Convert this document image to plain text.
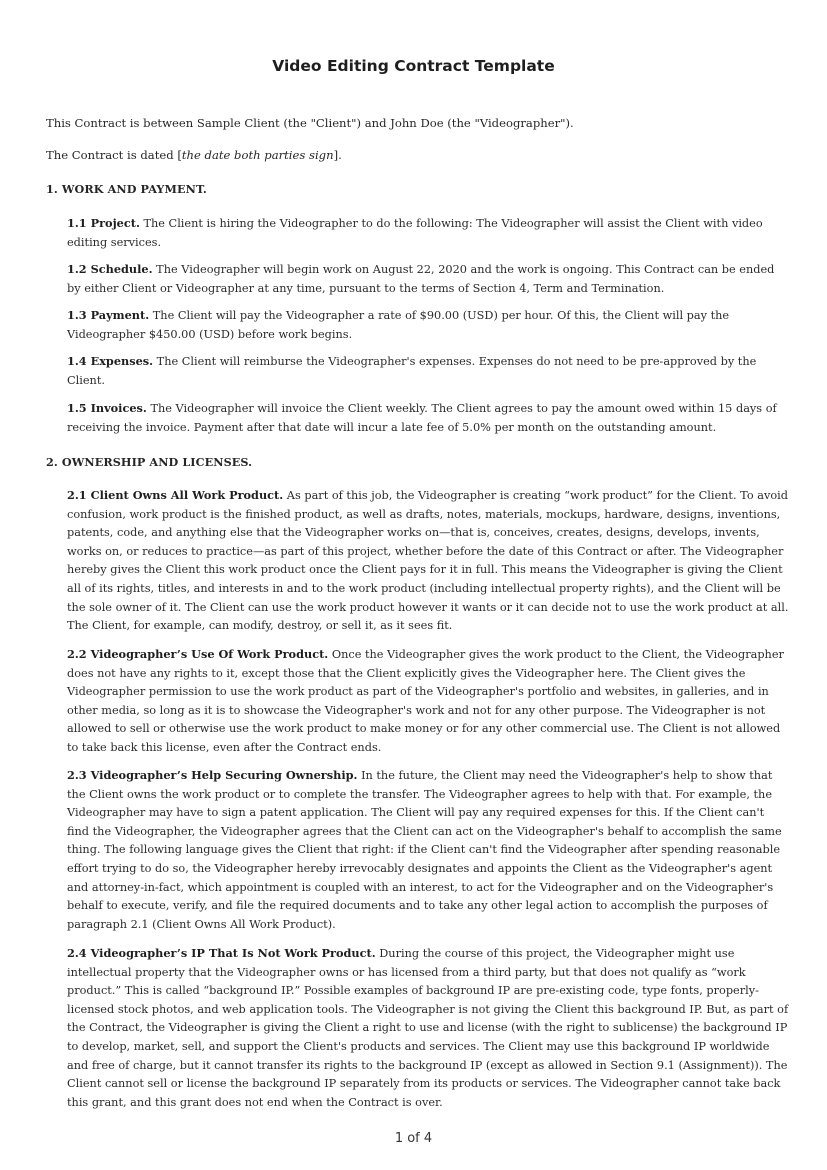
Video Editing Contract Template
This Contract is between Sample Client (the "Client") and John Doe (the "Videographer").
The Contract is dated [the date both parties sign].
1. WORK AND PAYMENT.
1.1 Project. The Client is hiring the Videographer to do the following: The Videographer will assist the Client with video editing services.
1.2 Schedule. The Videographer will begin work on August 22, 2020 and the work is ongoing. This Contract can be ended by either Client or Videographer at any time, pursuant to the terms of Section 4, Term and Termination.
1.3 Payment. The Client will pay the Videographer a rate of $90.00 (USD) per hour. Of this, the Client will pay the Videographer $450.00 (USD) before work begins.
1.4 Expenses. The Client will reimburse the Videographer's expenses. Expenses do not need to be pre-approved by the Client.
1.5 Invoices. The Videographer will invoice the Client weekly. The Client agrees to pay the amount owed within 15 days of receiving the invoice. Payment after that date will incur a late fee of 5.0% per month on the outstanding amount.
2. OWNERSHIP AND LICENSES.
2.1 Client Owns All Work Product. As part of this job, the Videographer is creating “work product” for the Client. To avoid confusion, work product is the finished product, as well as drafts, notes, materials, mockups, hardware, designs, inventions, patents, code, and anything else that the Videographer works on—that is, conceives, creates, designs, develops, invents, works on, or reduces to practice—as part of this project, whether before the date of this Contract or after. The Videographer hereby gives the Client this work product once the Client pays for it in full. This means the Videographer is giving the Client all of its rights, titles, and interests in and to the work product (including intellectual property rights), and the Client will be the sole owner of it. The Client can use the work product however it wants or it can decide not to use the work product at all. The Client, for example, can modify, destroy, or sell it, as it sees fit.
2.2 Videographer’s Use Of Work Product. Once the Videographer gives the work product to the Client, the Videographer does not have any rights to it, except those that the Client explicitly gives the Videographer here. The Client gives the Videographer permission to use the work product as part of the Videographer's portfolio and websites, in galleries, and in other media, so long as it is to showcase the Videographer's work and not for any other purpose. The Videographer is not allowed to sell or otherwise use the work product to make money or for any other commercial use. The Client is not allowed to take back this license, even after the Contract ends.
2.3 Videographer’s Help Securing Ownership. In the future, the Client may need the Videographer's help to show that the Client owns the work product or to complete the transfer. The Videographer agrees to help with that. For example, the Videographer may have to sign a patent application. The Client will pay any required expenses for this. If the Client can't find the Videographer, the Videographer agrees that the Client can act on the Videographer's behalf to accomplish the same thing. The following language gives the Client that right: if the Client can't find the Videographer after spending reasonable effort trying to do so, the Videographer hereby irrevocably designates and appoints the Client as the Videographer's agent and attorney-in-fact, which appointment is coupled with an interest, to act for the Videographer and on the Videographer's behalf to execute, verify, and file the required documents and to take any other legal action to accomplish the purposes of paragraph 2.1 (Client Owns All Work Product).
2.4 Videographer’s IP That Is Not Work Product. During the course of this project, the Videographer might use intellectual property that the Videographer owns or has licensed from a third party, but that does not qualify as “work product.” This is called “background IP.” Possible examples of background IP are pre-existing code, type fonts, properly-licensed stock photos, and web application tools. The Videographer is not giving the Client this background IP. But, as part of the Contract, the Videographer is giving the Client a right to use and license (with the right to sublicense) the background IP to develop, market, sell, and support the Client's products and services. The Client may use this background IP worldwide and free of charge, but it cannot transfer its rights to the background IP (except as allowed in Section 9.1 (Assignment)). The Client cannot sell or license the background IP separately from its products or services. The Videographer cannot take back this grant, and this grant does not end when the Contract is over.
1 of 4
